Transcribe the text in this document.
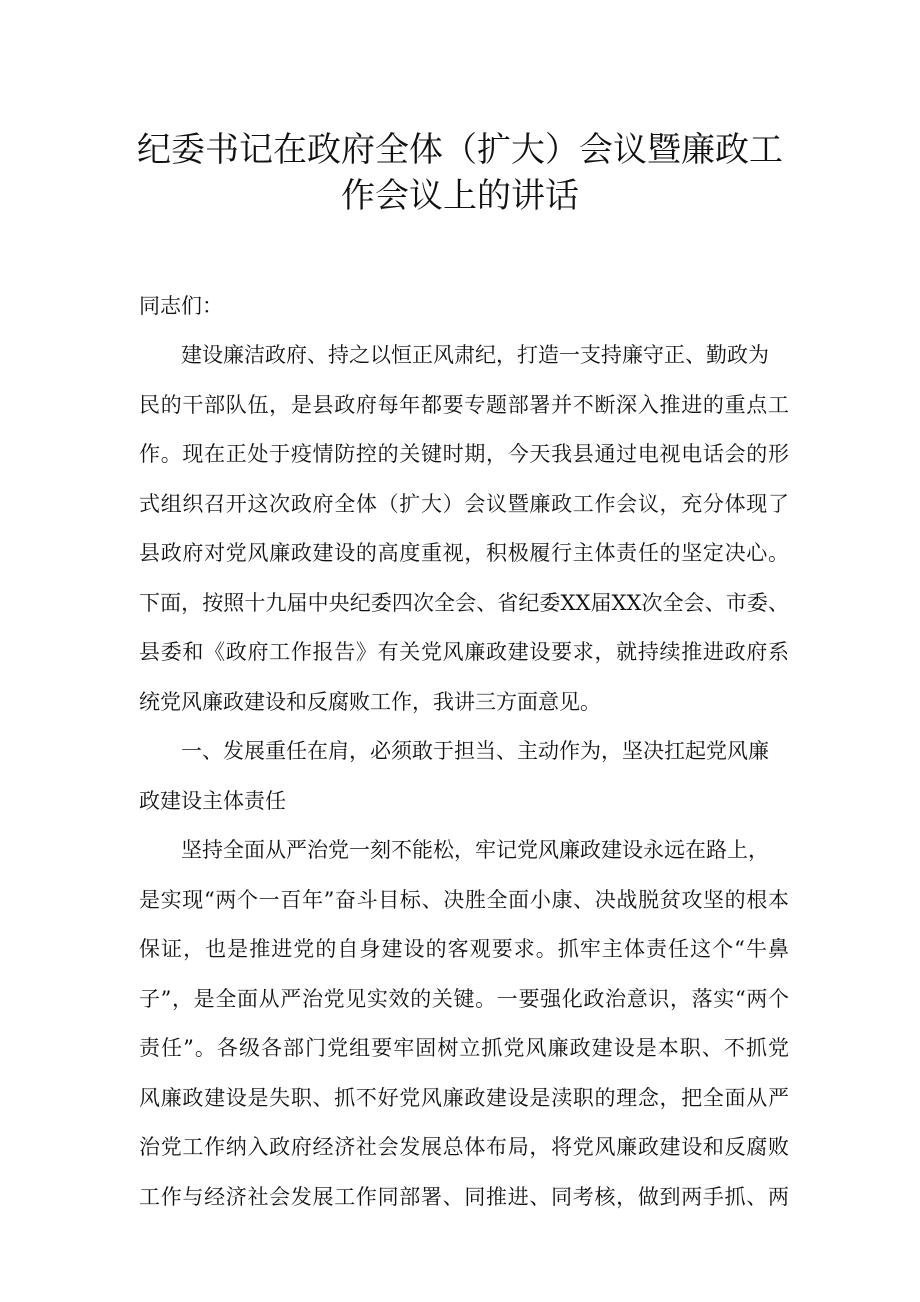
纪委书记在政府全体（扩大）会议暨廉政工
作会议上的讲话
同志们：
建设廉洁政府、持之以恒正风肃纪，打造一支持廉守正、勤政为
民的干部队伍，是县政府每年都要专题部署并不断深入推进的重点工
作。现在正处于疫情防控的关键时期，今天我县通过电视电话会的形
式组织召开这次政府全体（扩大）会议暨廉政工作会议，充分体现了
县政府对党风廉政建设的高度重视，积极履行主体责任的坚定决心。
下面，按照十九届中央纪委四次全会、省纪委XX届XX次全会、市委、
县委和《政府工作报告》有关党风廉政建设要求，就持续推进政府系
统党风廉政建设和反腐败工作，我讲三方面意见。
一、发展重任在肩，必须敢于担当、主动作为，坚决扛起党风廉
政建设主体责任
坚持全面从严治党一刻不能松，牢记党风廉政建设永远在路上，
是实现“两个一百年”奋斗目标、决胜全面小康、决战脱贫攻坚的根本
保证，也是推进党的自身建设的客观要求。抓牢主体责任这个“牛鼻
子”，是全面从严治党见实效的关键。一要强化政治意识，落实“两个
责任”。各级各部门党组要牢固树立抓党风廉政建设是本职、不抓党
风廉政建设是失职、抓不好党风廉政建设是渎职的理念，把全面从严
治党工作纳入政府经济社会发展总体布局，将党风廉政建设和反腐败
工作与经济社会发展工作同部署、同推进、同考核，做到两手抓、两
